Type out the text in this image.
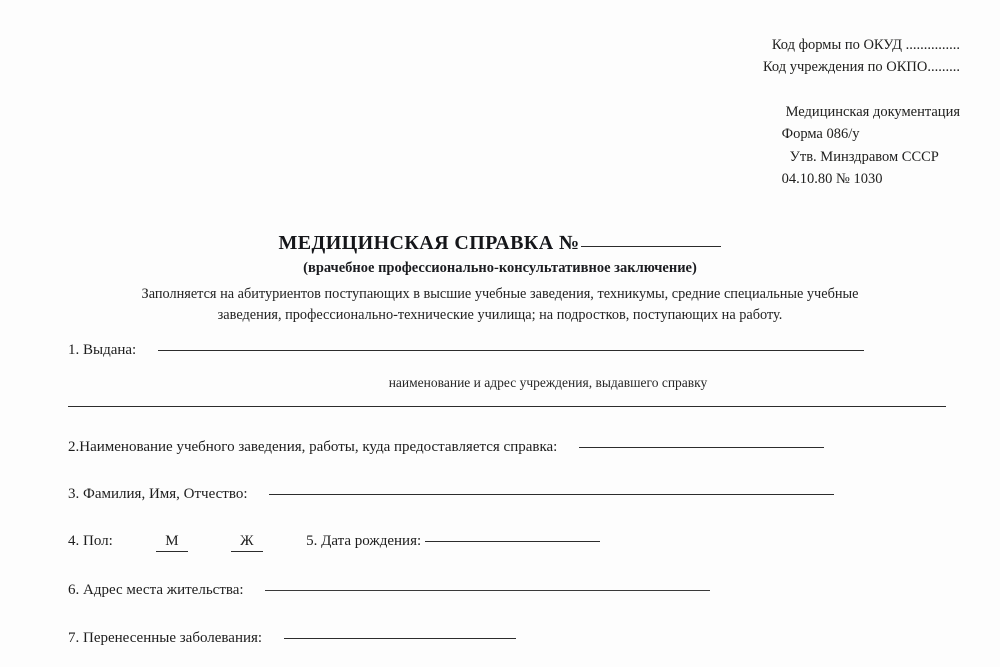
Код формы по ОКУД ...............
Код учреждения по ОКПО.........
Медицинская документация
Форма 086/у
Утв. Минздравом СССР
04.10.80 № 1030
МЕДИЦИНСКАЯ СПРАВКА №
(врачебное профессионально-консультативное заключение)
Заполняется на абитуриентов поступающих в высшие учебные заведения, техникумы, средние специальные учебные
заведения, профессионально-технические училища; на подростков, поступающих на работу.
1. Выдана:
наименование и адрес учреждения, выдавшего справку
2.Наименование учебного заведения, работы, куда предоставляется справка:
3. Фамилия, Имя, Отчество:
4. Пол:	М	Ж	5. Дата рождения:
6. Адрес места жительства:
7. Перенесенные заболевания:
